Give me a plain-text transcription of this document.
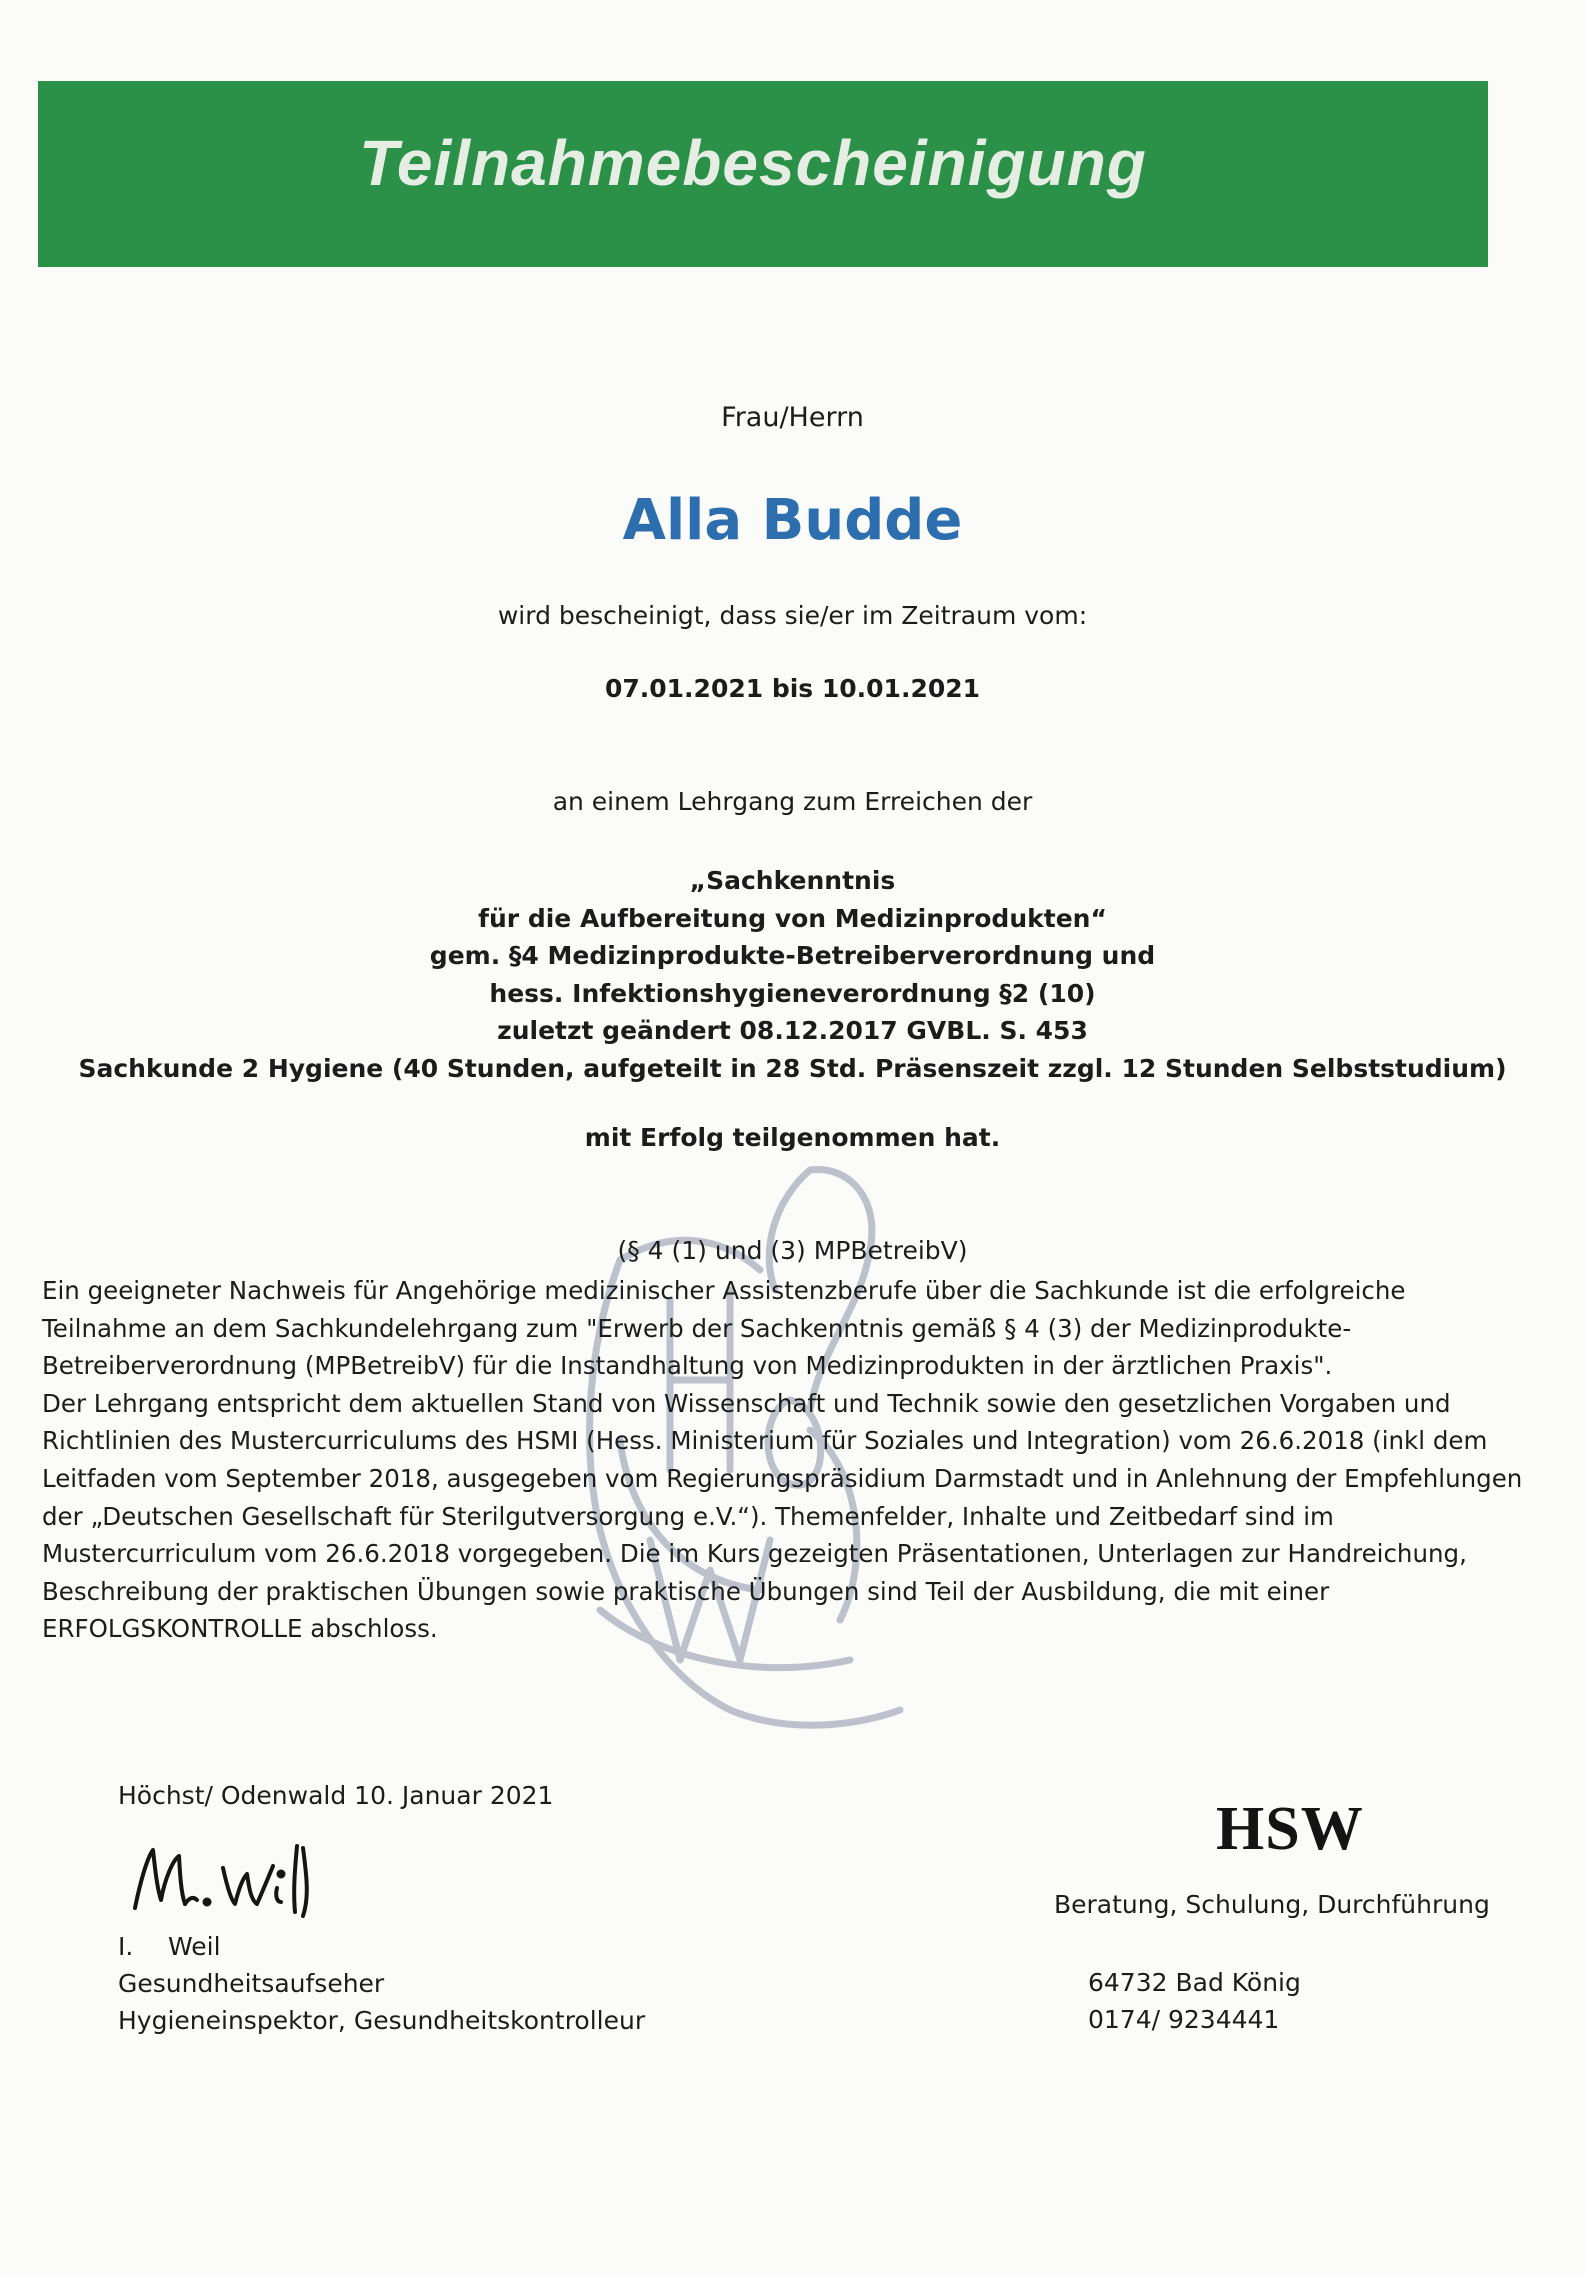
Teilnahmebescheinigung
Frau/Herrn
Alla Budde
wird bescheinigt, dass sie/er im Zeitraum vom:
07.01.2021 bis 10.01.2021
an einem Lehrgang zum Erreichen der
„Sachkenntnis
für die Aufbereitung von Medizinprodukten“
gem. §4 Medizinprodukte-Betreiberverordnung und
hess. Infektionshygieneverordnung §2 (10)
zuletzt geändert 08.12.2017 GVBL. S. 453
Sachkunde 2 Hygiene (40 Stunden, aufgeteilt in 28 Std. Präsenszeit zzgl. 12 Stunden Selbststudium)
mit Erfolg teilgenommen hat.
(§ 4 (1) und (3) MPBetreibV)
Ein geeigneter Nachweis für Angehörige medizinischer Assistenzberufe über die Sachkunde ist die erfolgreiche
Teilnahme an dem Sachkundelehrgang zum "Erwerb der Sachkenntnis gemäß § 4 (3) der Medizinprodukte-
Betreiberverordnung (MPBetreibV) für die Instandhaltung von Medizinprodukten in der ärztlichen Praxis".
Der Lehrgang entspricht dem aktuellen Stand von Wissenschaft und Technik sowie den gesetzlichen Vorgaben und
Richtlinien des Mustercurriculums des HSMI (Hess. Ministerium für Soziales und Integration) vom 26.6.2018 (inkl dem
Leitfaden vom September 2018, ausgegeben vom Regierungspräsidium Darmstadt und in Anlehnung der Empfehlungen
der „Deutschen Gesellschaft für Sterilgutversorgung e.V.“). Themenfelder, Inhalte und Zeitbedarf sind im
Mustercurriculum vom 26.6.2018 vorgegeben. Die im Kurs gezeigten Präsentationen, Unterlagen zur Handreichung,
Beschreibung der praktischen Übungen sowie praktische Übungen sind Teil der Ausbildung, die mit einer
ERFOLGSKONTROLLE abschloss.
Höchst/ Odenwald 10. Januar 2021
I. Weil
Gesundheitsaufseher
Hygieneinspektor, Gesundheitskontrolleur
HSW
Beratung, Schulung, Durchführung
64732 Bad König
0174/ 9234441
